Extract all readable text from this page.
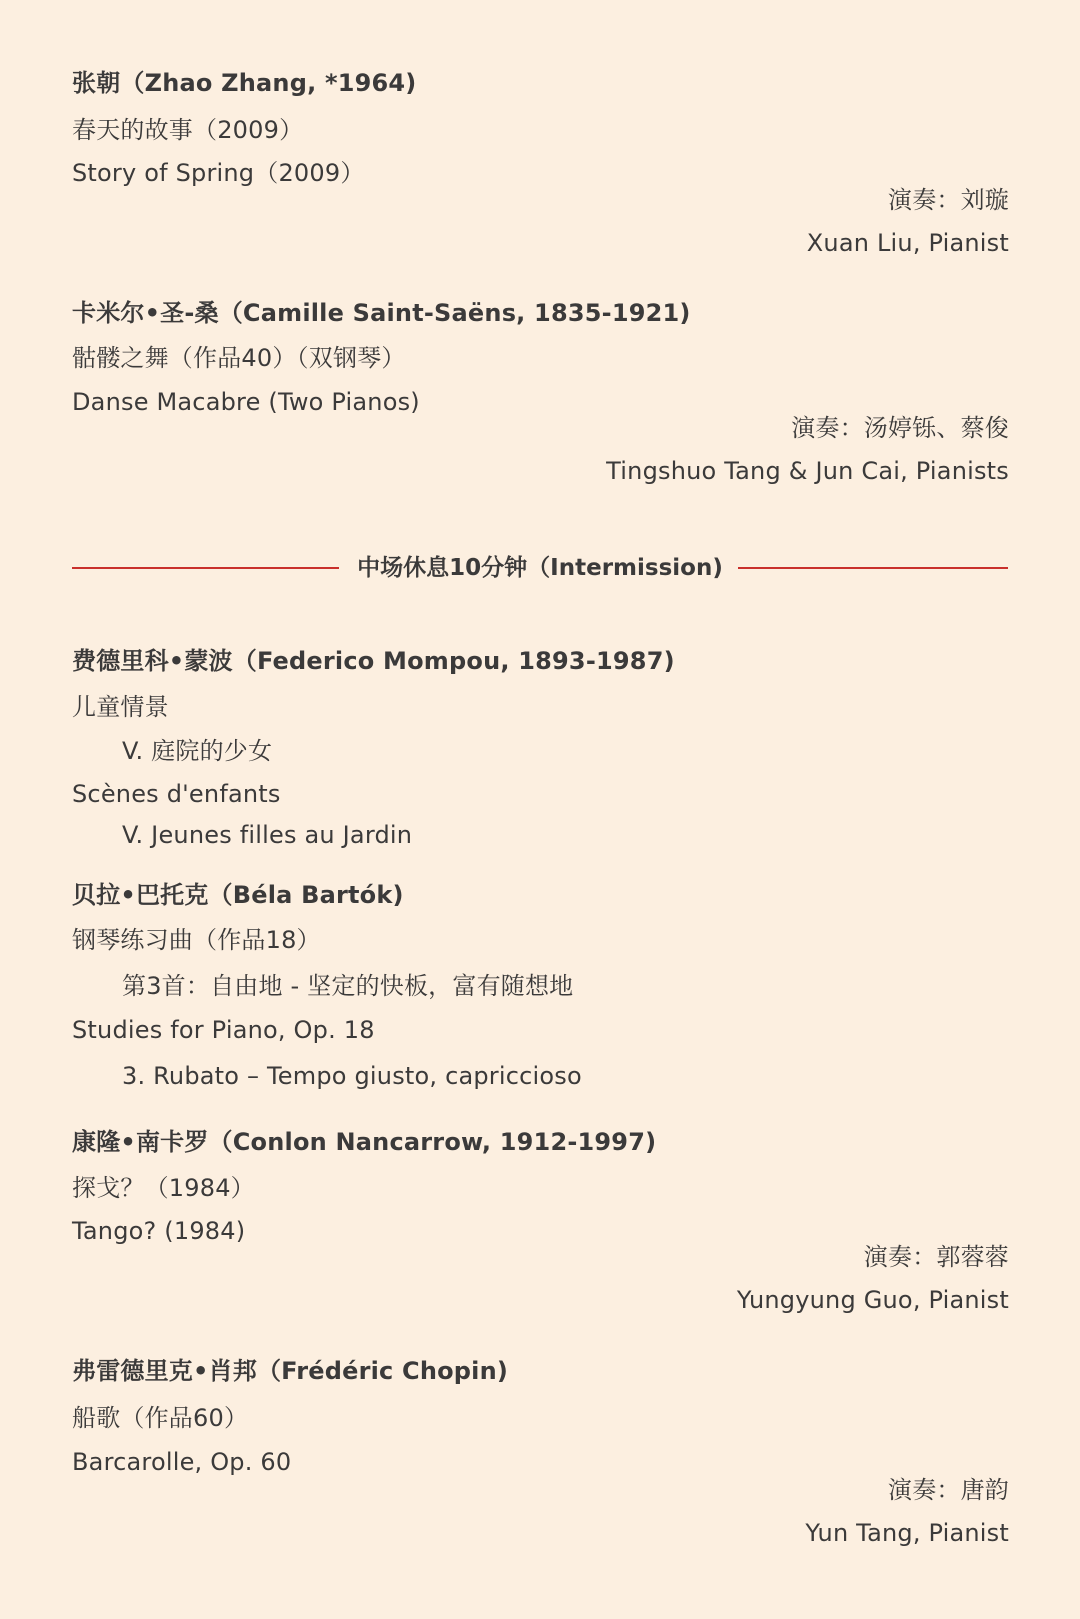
张朝（Zhao Zhang, *1964)
春天的故事（2009）
Story of Spring（2009）
演奏：刘璇
Xuan Liu, Pianist
卡米尔•圣-桑（Camille Saint-Saëns, 1835-1921)
骷髅之舞（作品40）（双钢琴）
Danse Macabre (Two Pianos)
演奏：汤婷铄、蔡俊
Tingshuo Tang & Jun Cai, Pianists
中场休息10分钟（Intermission)
费德里科•蒙波（Federico Mompou, 1893-1987)
儿童情景
V. 庭院的少女
Scènes d'enfants
V. Jeunes filles au Jardin
贝拉•巴托克（Béla Bartók)
钢琴练习曲（作品18）
第3首：自由地 - 坚定的快板，富有随想地
Studies for Piano, Op. 18
3. Rubato – Tempo giusto, capriccioso
康隆•南卡罗（Conlon Nancarrow, 1912-1997)
探戈？（1984）
Tango? (1984)
演奏：郭蓉蓉
Yungyung Guo, Pianist
弗雷德里克•肖邦（Frédéric Chopin)
船歌（作品60）
Barcarolle, Op. 60
演奏：唐韵
Yun Tang, Pianist
